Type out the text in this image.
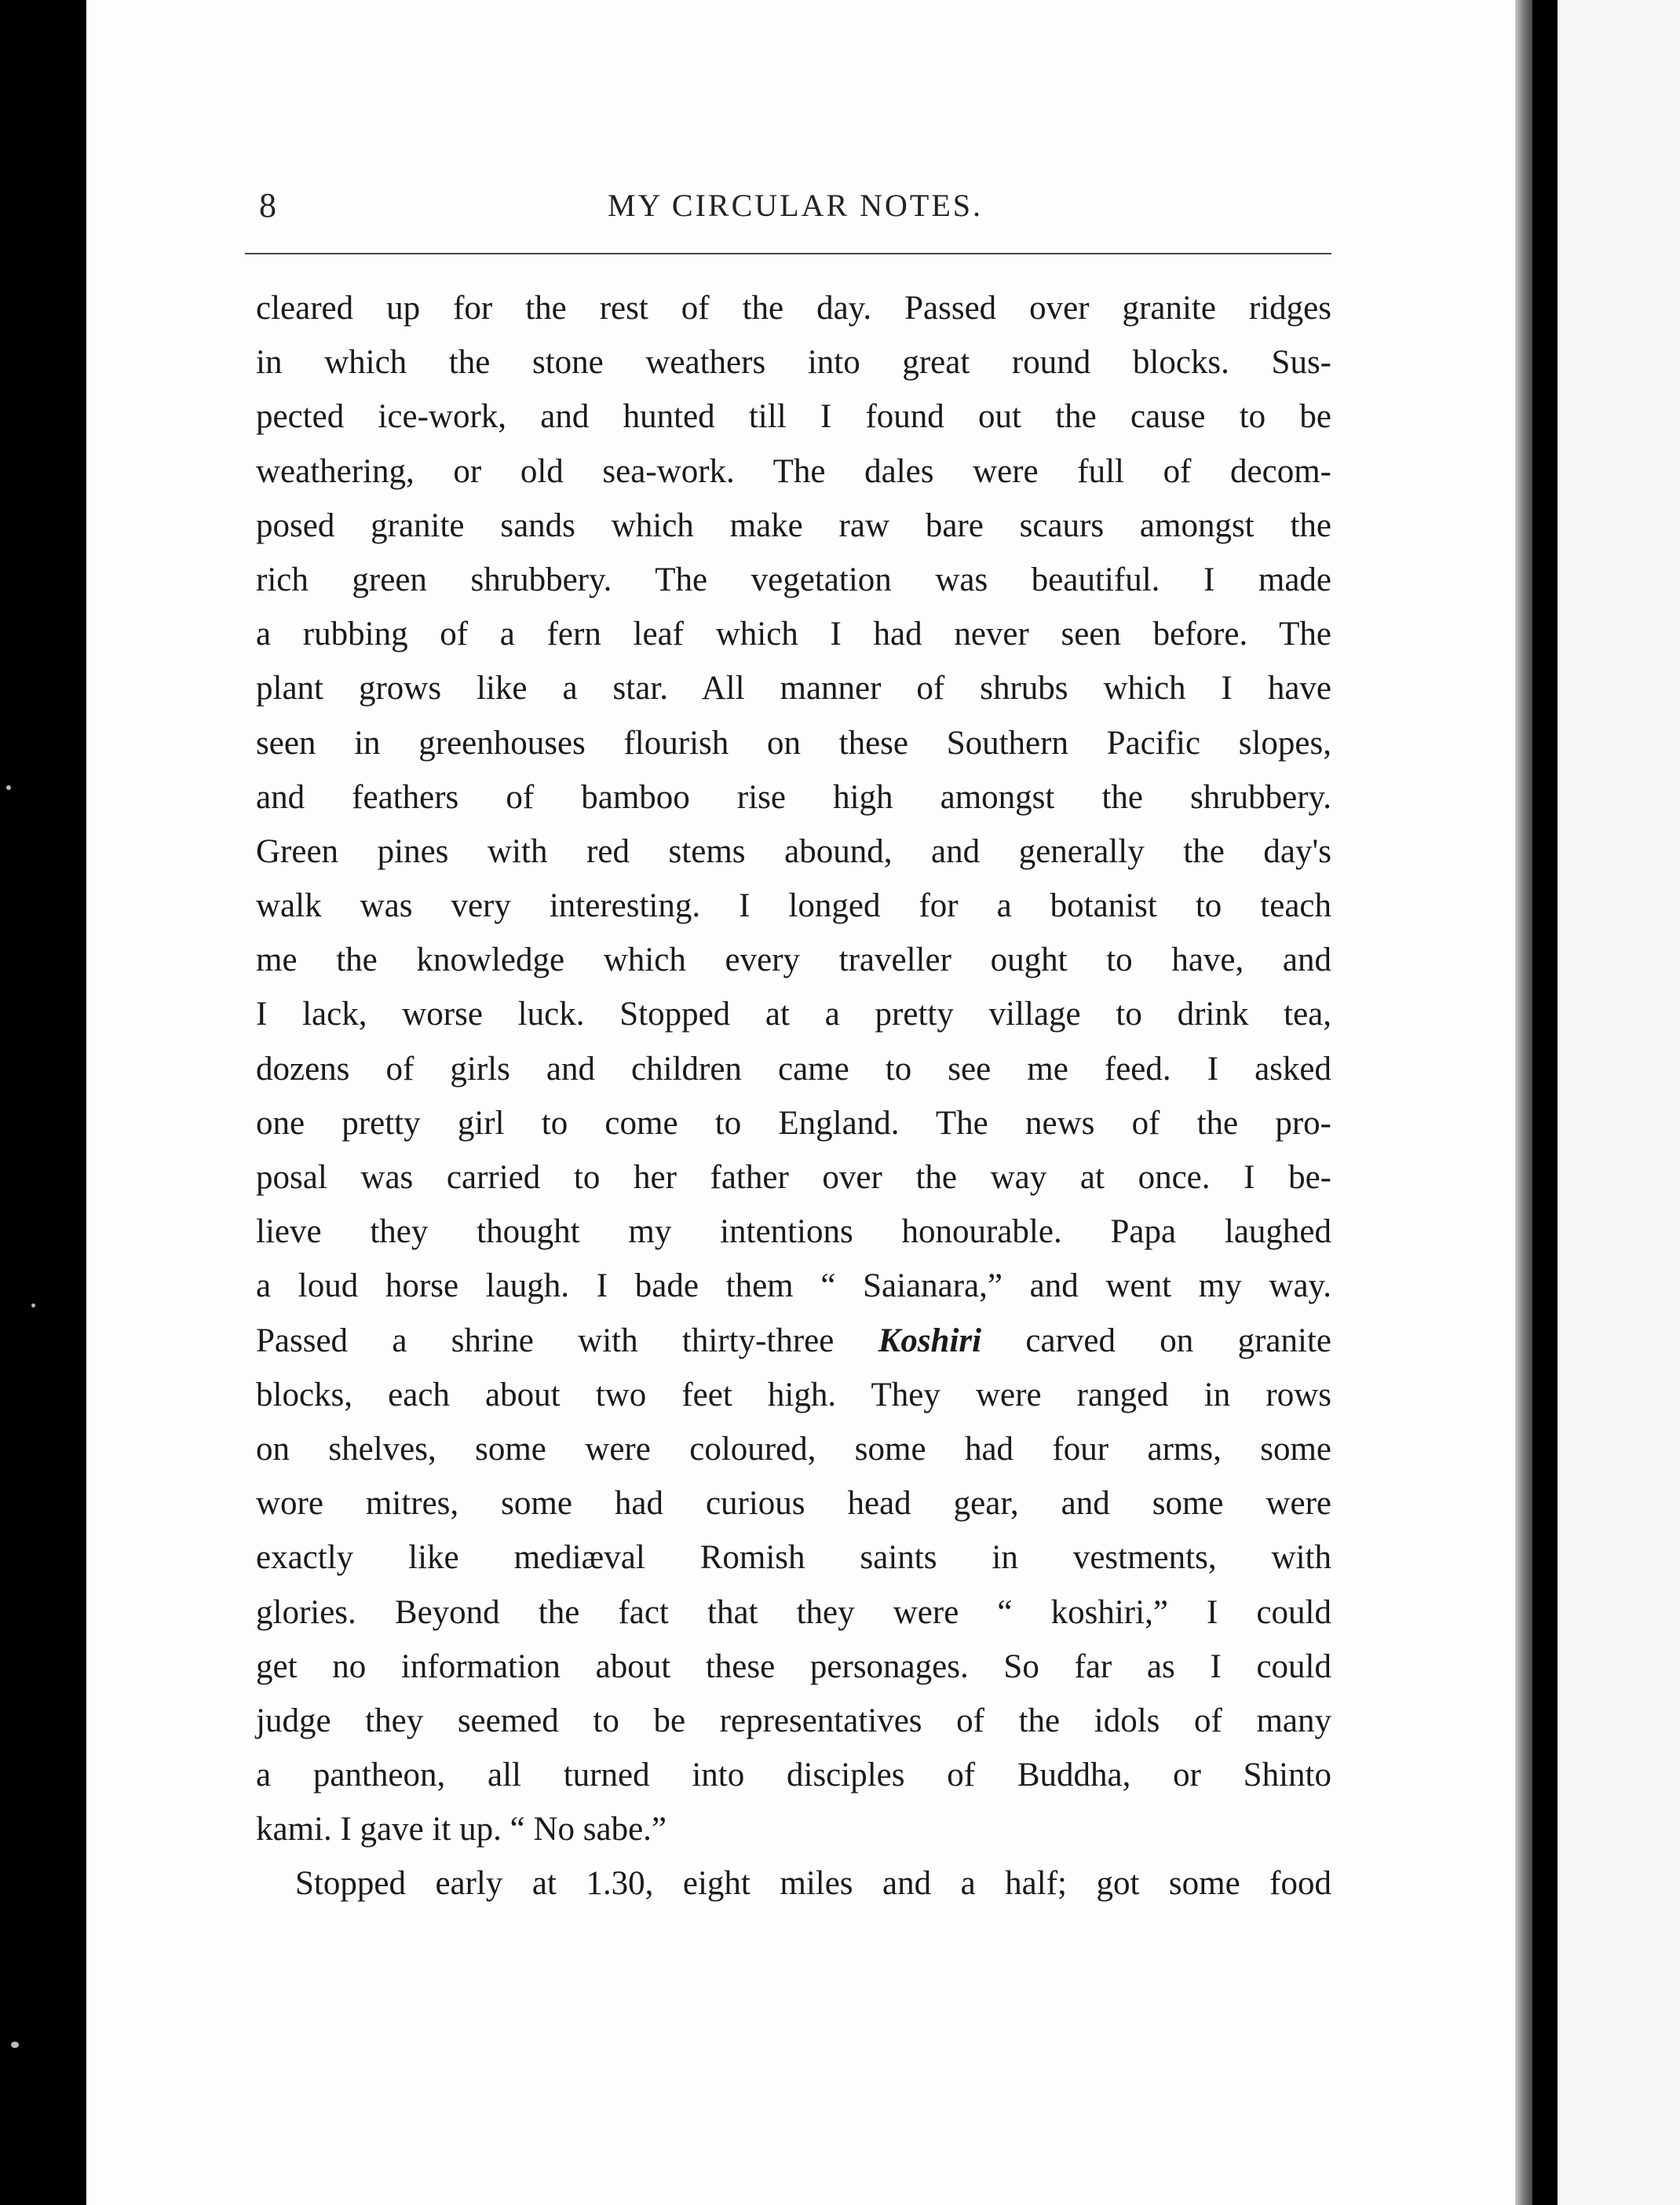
8	MY CIRCULAR NOTES.
cleared up for the rest of the day. Passed over granite ridges
in which the stone weathers into great round blocks. Sus-
pected ice-work, and hunted till I found out the cause to be
weathering, or old sea-work. The dales were full of decom-
posed granite sands which make raw bare scaurs amongst the
rich green shrubbery. The vegetation was beautiful. I made
a rubbing of a fern leaf which I had never seen before. The
plant grows like a star. All manner of shrubs which I have
seen in greenhouses flourish on these Southern Pacific slopes,
and feathers of bamboo rise high amongst the shrubbery.
Green pines with red stems abound, and generally the day's
walk was very interesting. I longed for a botanist to teach
me the knowledge which every traveller ought to have, and
I lack, worse luck. Stopped at a pretty village to drink tea,
dozens of girls and children came to see me feed. I asked
one pretty girl to come to England. The news of the pro-
posal was carried to her father over the way at once. I be-
lieve they thought my intentions honourable. Papa laughed
a loud horse laugh. I bade them “ Saianara,” and went my way.
Passed a shrine with thirty-three Koshiri carved on granite
blocks, each about two feet high. They were ranged in rows
on shelves, some were coloured, some had four arms, some
wore mitres, some had curious head gear, and some were
exactly like mediæval Romish saints in vestments, with
glories. Beyond the fact that they were “ koshiri,” I could
get no information about these personages. So far as I could
judge they seemed to be representatives of the idols of many
a pantheon, all turned into disciples of Buddha, or Shinto
kami. I gave it up. “ No sabe.”
Stopped early at 1.30, eight miles and a half; got some food
